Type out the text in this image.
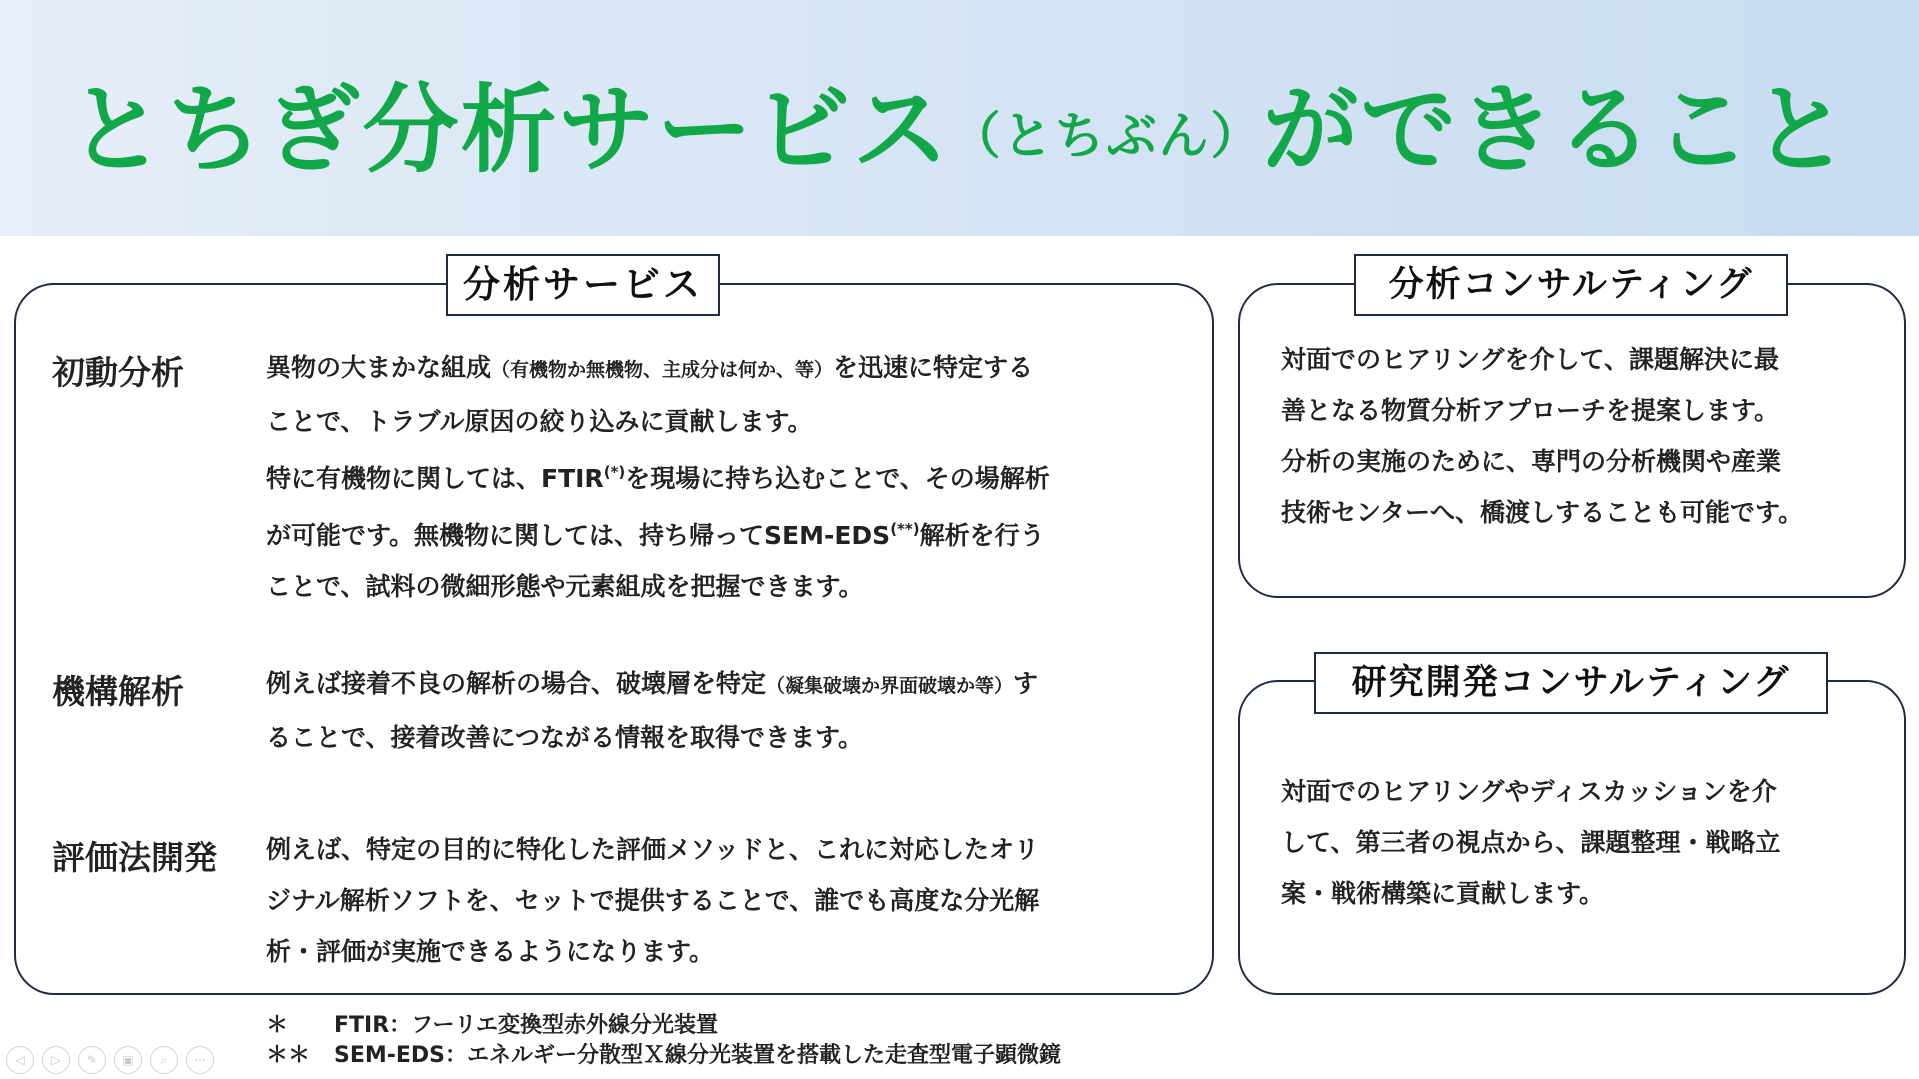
とちぎ分析サービス（とちぶん）ができること
分析サービス
初動分析	異物の大まかな組成（有機物か無機物、主成分は何か、等）を迅速に特定する
ことで、トラブル原因の絞り込みに貢献します。
特に有機物に関しては、FTIR(*)を現場に持ち込むことで、その場解析
が可能です。無機物に関しては、持ち帰ってSEM-EDS(**)解析を行う
ことで、試料の微細形態や元素組成を把握できます。
機構解析	例えば接着不良の解析の場合、破壊層を特定（凝集破壊か界面破壊か等）す
ることで、接着改善につながる情報を取得できます。
評価法開発 例えば、特定の目的に特化した評価メソッドと、これに対応したオリ
ジナル解析ソフトを、セットで提供することで、誰でも高度な分光解
析・評価が実施できるようになります。
分析コンサルティング
対面でのヒアリングを介して、課題解決に最
善となる物質分析アプローチを提案します。
分析の実施のために、専門の分析機関や産業
技術センターへ、橋渡しすることも可能です。
研究開発コンサルティング
対面でのヒアリングやディスカッションを介
して、第三者の視点から、課題整理・戦略立
案・戦術構築に貢献します。
＊ FTIR：フーリエ変換型赤外線分光装置
＊＊ SEM-EDS：エネルギー分散型Ｘ線分光装置を搭載した走査型電子顕微鏡
◁	▷	✎	▣	⌕	⋯
